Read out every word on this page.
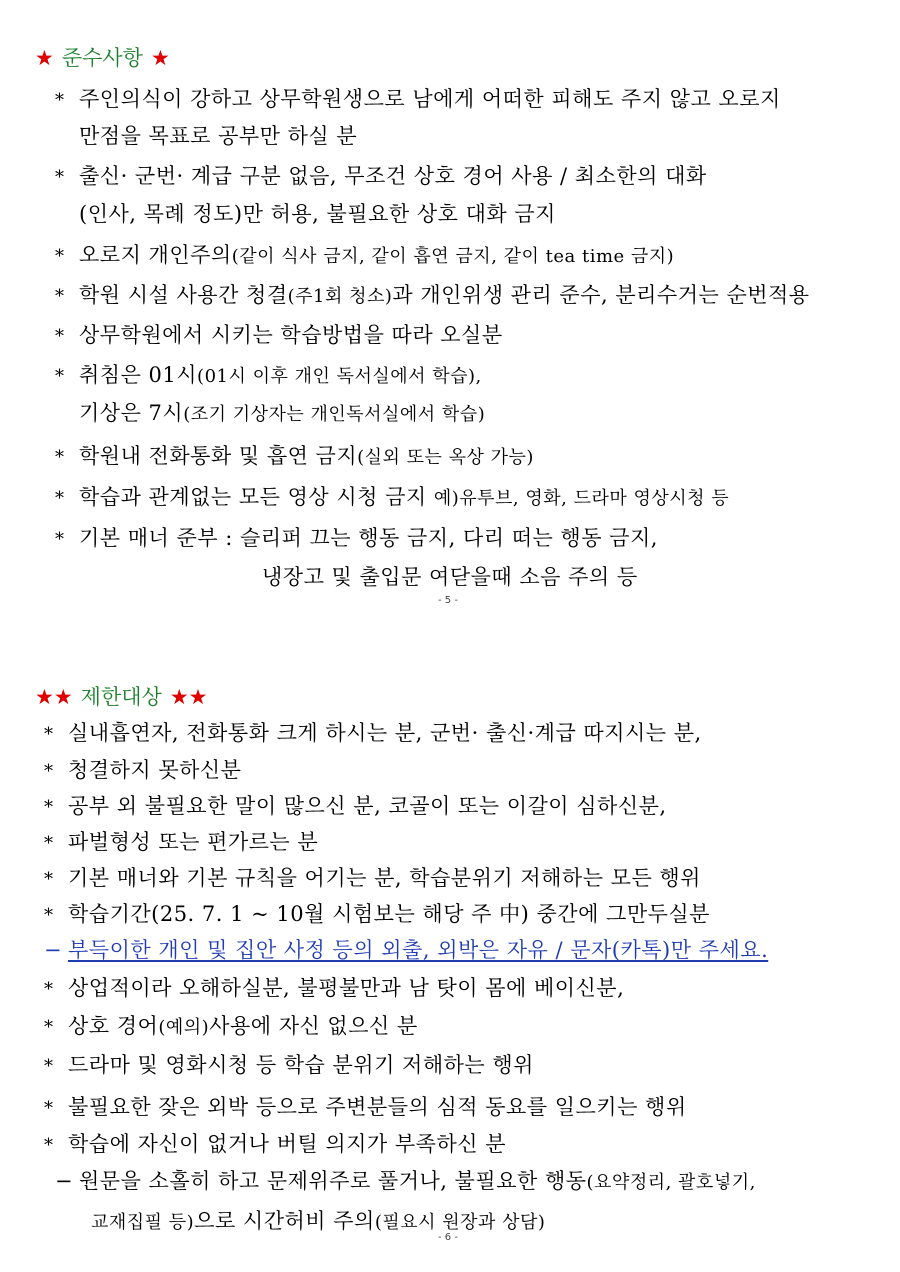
★ 준수사항 ★
* 주인의식이 강하고 상무학원생으로 남에게 어떠한 피해도 주지 않고 오로지
만점을 목표로 공부만 하실 분
* 출신· 군번· 계급 구분 없음, 무조건 상호 경어 사용 / 최소한의 대화
(인사, 목례 정도)만 허용, 불필요한 상호 대화 금지
* 오로지 개인주의(같이 식사 금지, 같이 흡연 금지, 같이 tea time 금지)
* 학원 시설 사용간 청결(주1회 청소)과 개인위생 관리 준수, 분리수거는 순번적용
* 상무학원에서 시키는 학습방법을 따라 오실분
* 취침은 01시(01시 이후 개인 독서실에서 학습),
기상은 7시(조기 기상자는 개인독서실에서 학습)
* 학원내 전화통화 및 흡연 금지(실외 또는 옥상 가능)
* 학습과 관계없는 모든 영상 시청 금지 예)유투브, 영화, 드라마 영상시청 등
* 기본 매너 준부 : 슬리퍼 끄는 행동 금지, 다리 떠는 행동 금지,
냉장고 및 출입문 여닫을때 소음 주의 등
- 5 -
★★ 제한대상 ★★
* 실내흡연자, 전화통화 크게 하시는 분, 군번· 출신·계급 따지시는 분,
* 청결하지 못하신분
* 공부 외 불필요한 말이 많으신 분, 코골이 또는 이갈이 심하신분,
* 파벌형성 또는 편가르는 분
* 기본 매너와 기본 규칙을 어기는 분, 학습분위기 저해하는 모든 행위
* 학습기간(25. 7. 1 ~ 10월 시험보는 해당 주 中) 중간에 그만두실분
− 부득이한 개인 및 집안 사정 등의 외출, 외박은 자유 / 문자(카톡)만 주세요.
* 상업적이라 오해하실분, 불평불만과 남 탓이 몸에 베이신분,
* 상호 경어(예의)사용에 자신 없으신 분
* 드라마 및 영화시청 등 학습 분위기 저해하는 행위
* 불필요한 잦은 외박 등으로 주변분들의 심적 동요를 일으키는 행위
* 학습에 자신이 없거나 버틸 의지가 부족하신 분
− 원문을 소홀히 하고 문제위주로 풀거나, 불필요한 행동(요약정리, 괄호넣기,
교재집필 등)으로 시간허비 주의(필요시 원장과 상담)
- 6 -
